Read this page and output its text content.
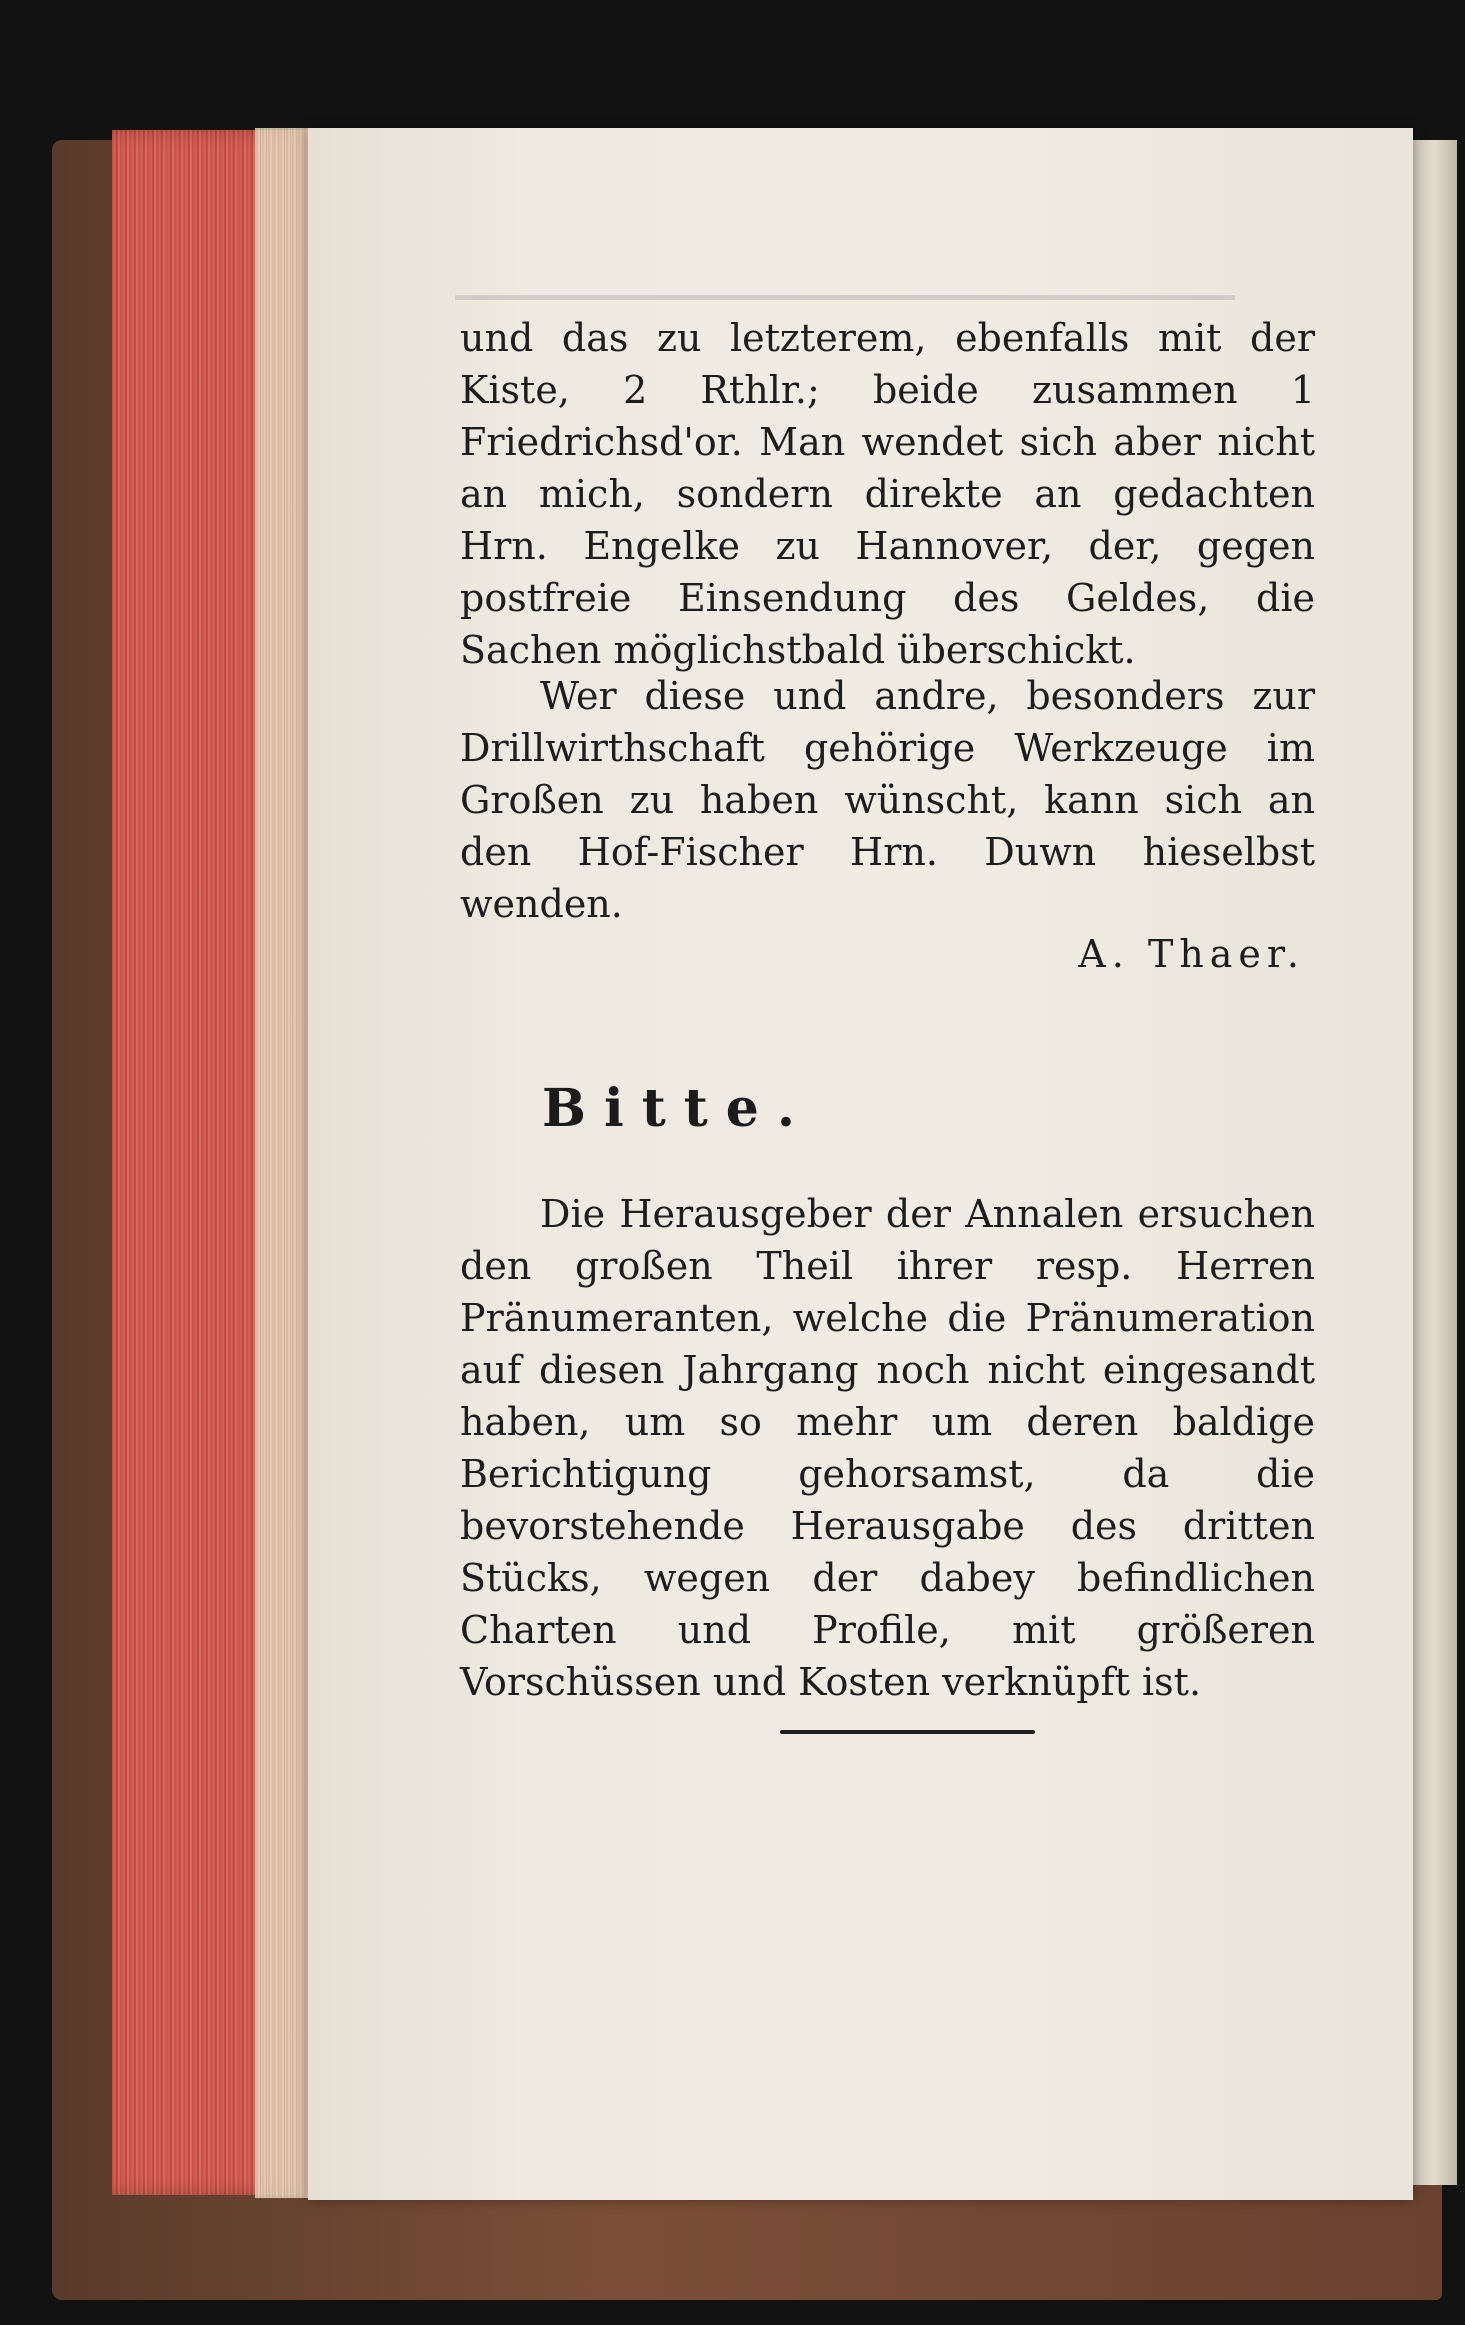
und das zu letzterem, ebenfalls mit der Kiste, 2 Rthlr.; beide zusammen 1 Friedrichsd'or. Man wendet sich aber nicht an mich, sondern direkte an gedachten Hrn. Engelke zu Hannover, der, gegen postfreie Einsendung des Geldes, die Sachen möglichstbald überschickt.

Wer diese und andre, besonders zur Drillwirthschaft gehörige Werkzeuge im Großen zu haben wünscht, kann sich an den Hof-Fischer Hrn. Duwn hieselbst wenden.

A. Thaer.
Bitte.

Die Herausgeber der Annalen ersuchen den großen Theil ihrer resp. Herren Pränumeranten, welche die Pränumeration auf diesen Jahrgang noch nicht eingesandt haben, um so mehr um deren baldige Berichtigung gehorsamst, da die bevorstehende Herausgabe des dritten Stücks, wegen der dabey befindlichen Charten und Profile, mit größeren Vorschüssen und Kosten verknüpft ist.
